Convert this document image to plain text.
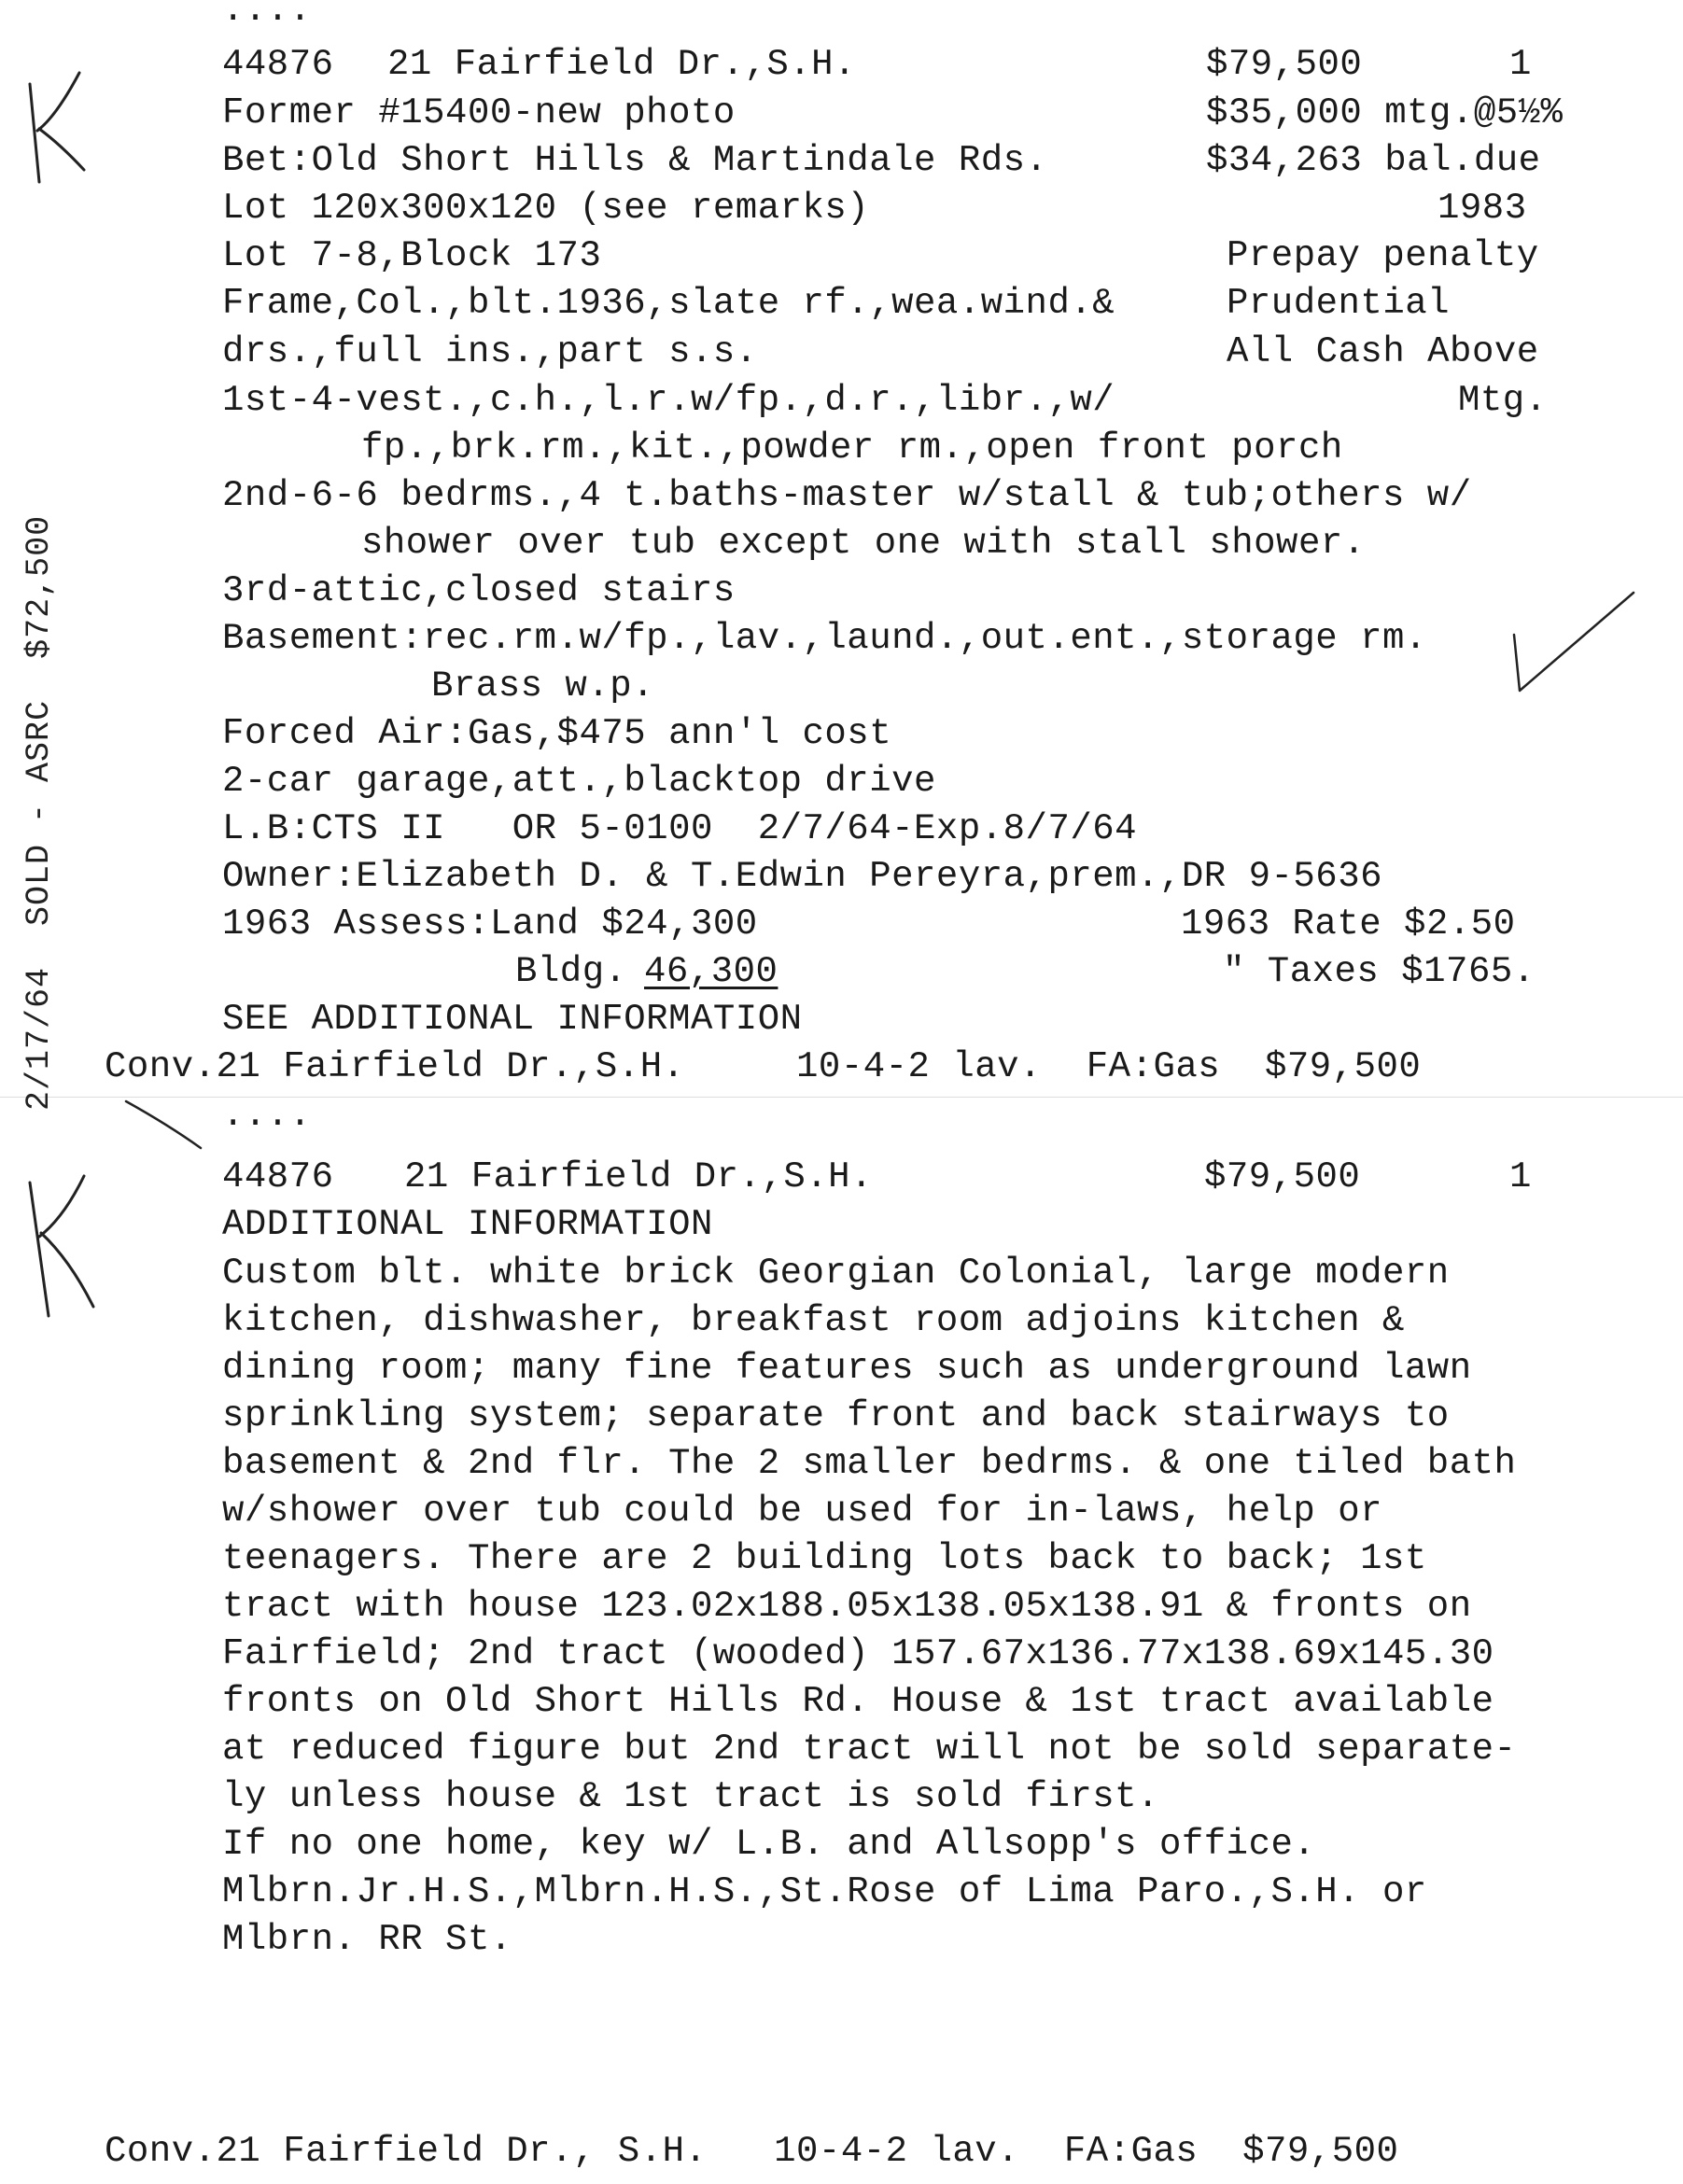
....
44876 21 Fairfield Dr.,S.H.	$79,500	1
Former #15400-new photo	$35,000 mtg.@5½%
Bet:Old Short Hills & Martindale Rds.	$34,263 bal.due
Lot 120x300x120 (see remarks)	1983
Lot 7-8,Block 173	Prepay penalty
Frame,Col.,blt.1936,slate rf.,wea.wind.&	Prudential
drs.,full ins.,part s.s.	All Cash Above
1st-4-vest.,c.h.,l.r.w/fp.,d.r.,libr.,w/	Mtg.
fp.,brk.rm.,kit.,powder rm.,open front porch
2nd-6-6 bedrms.,4 t.baths-master w/stall & tub;others w/
shower over tub except one with stall shower.
3rd-attic,closed stairs
Basement:rec.rm.w/fp.,lav.,laund.,out.ent.,storage rm.
Brass w.p.
Forced Air:Gas,$475 ann'l cost
2-car garage,att.,blacktop drive
L.B:CTS II   OR 5-0100  2/7/64-Exp.8/7/64
Owner:Elizabeth D. & T.Edwin Pereyra,prem.,DR 9-5636
1963 Assess:Land $24,300	1963 Rate $2.50
Bldg. 46,300	" Taxes $1765.
SEE ADDITIONAL INFORMATION
Conv.21 Fairfield Dr.,S.H.     10-4-2 lav.  FA:Gas  $79,500
....
44876 21 Fairfield Dr.,S.H.	$79,500	1
ADDITIONAL INFORMATION
Custom blt. white brick Georgian Colonial, large modern
kitchen, dishwasher, breakfast room adjoins kitchen &
dining room; many fine features such as underground lawn
sprinkling system; separate front and back stairways to
basement & 2nd flr. The 2 smaller bedrms. & one tiled bath
w/shower over tub could be used for in-laws, help or
teenagers. There are 2 building lots back to back; 1st
tract with house 123.02x188.05x138.05x138.91 & fronts on
Fairfield; 2nd tract (wooded) 157.67x136.77x138.69x145.30
fronts on Old Short Hills Rd. House & 1st tract available
at reduced figure but 2nd tract will not be sold separate-
ly unless house & 1st tract is sold first.
If no one home, key w/ L.B. and Allsopp's office.
Mlbrn.Jr.H.S.,Mlbrn.H.S.,St.Rose of Lima Paro.,S.H. or
Mlbrn. RR St.
Conv.21 Fairfield Dr., S.H.   10-4-2 lav.  FA:Gas  $79,500
2/17/64  SOLD - ASRC  $72,500
